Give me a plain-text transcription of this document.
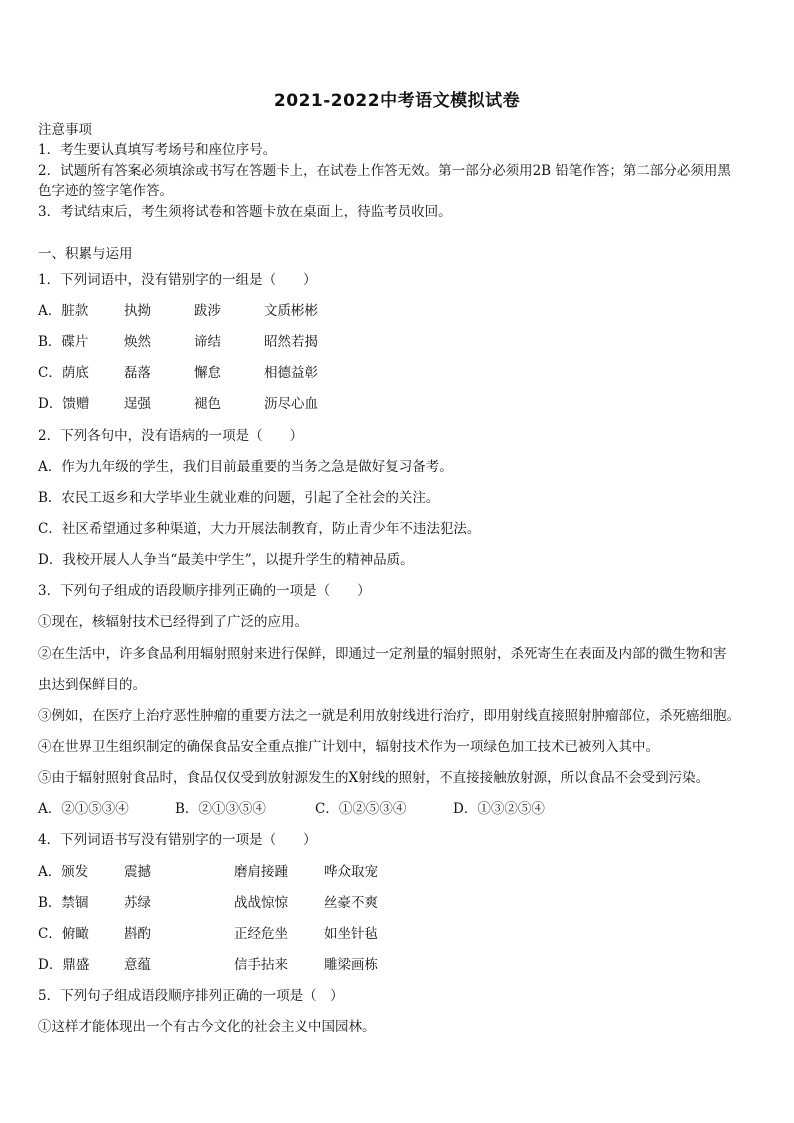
2021-2022中考语文模拟试卷
注意事项
1．考生要认真填写考场号和座位序号。
2．试题所有答案必须填涂或书写在答题卡上，在试卷上作答无效。第一部分必须用2B 铅笔作答；第二部分必须用黑
色字迹的签字笔作答。
3．考试结束后，考生须将试卷和答题卡放在桌面上，待监考员收回。
一、积累与运用
1．下列词语中，没有错别字的一组是（　　）
A．脏款	执拗	跋涉	文质彬彬
B．碟片	焕然	谛结	昭然若揭
C．荫底	磊落	懈怠	相德益彰
D．馈赠	逞强	褪色	沥尽心血
2．下列各句中，没有语病的一项是（　　）
A．作为九年级的学生，我们目前最重要的当务之急是做好复习备考。
B．农民工返乡和大学毕业生就业难的问题，引起了全社会的关注。
C．社区希望通过多种渠道，大力开展法制教育，防止青少年不违法犯法。
D．我校开展人人争当“最美中学生”，以提升学生的精神品质。
3．下列句子组成的语段顺序排列正确的一项是（　　）
①现在，核辐射技术已经得到了广泛的应用。
②在生活中，许多食品利用辐射照射来进行保鲜，即通过一定剂量的辐射照射，杀死寄生在表面及内部的微生物和害
虫达到保鲜目的。
③例如，在医疗上治疗恶性肿瘤的重要方法之一就是利用放射线进行治疗，即用射线直接照射肿瘤部位，杀死癌细胞。
④在世界卫生组织制定的确保食品安全重点推广计划中，辐射技术作为一项绿色加工技术已被列入其中。
⑤由于辐射照射食品时，食品仅仅受到放射源发生的X射线的照射，不直接接触放射源，所以食品不会受到污染。
A．②①⑤③④	B．②①③⑤④	C．①②⑤③④	D．①③②⑤④
4．下列词语书写没有错别字的一项是（　　）
A．颁发	震撼	磨肩接踵	哗众取宠
B．禁锢	苏绿	战战惊惊	丝豪不爽
C．俯瞰	斟酌	正经危坐	如坐针毡
D．鼎盛	意蕴	信手拈来	雕梁画栋
5．下列句子组成语段顺序排列正确的一项是（　）
①这样才能体现出一个有古今文化的社会主义中国园林。
